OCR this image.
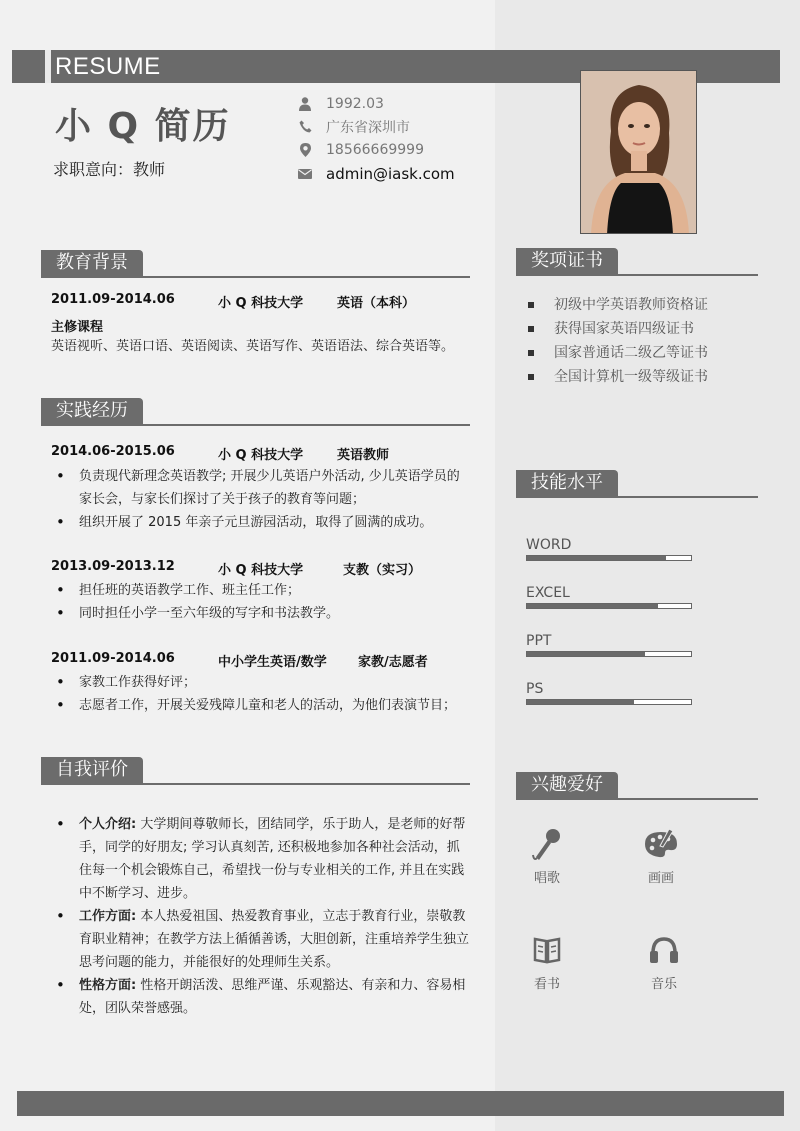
RESUME
小 Q 简历
求职意向：教师
1992.03
广东省深圳市
18566669999
admin@iask.com
教育背景
2011.09-2014.06	小 Q 科技大学	英语（本科）
主修课程
英语视听、英语口语、英语阅读、英语写作、英语语法、综合英语等。
实践经历
2014.06-2015.06	小 Q 科技大学	英语教师
• 负责现代新理念英语教学; 开展少儿英语户外活动, 少儿英语学员的家长会，与家长们探讨了关于孩子的教育等问题；
• 组织开展了 2015 年亲子元旦游园活动，取得了圆满的成功。
2013.09-2013.12	小 Q 科技大学	支教（实习）
• 担任班的英语教学工作、班主任工作；
• 同时担任小学一至六年级的写字和书法教学。
2011.09-2014.06	中小学生英语/数学	家教/志愿者
• 家教工作获得好评；
• 志愿者工作，开展关爱残障儿童和老人的活动，为他们表演节目；
自我评价
• 个人介绍: 大学期间尊敬师长，团结同学，乐于助人，是老师的好帮手，同学的好朋友; 学习认真刻苦, 还积极地参加各种社会活动，抓住每一个机会锻炼自己，希望找一份与专业相关的工作, 并且在实践中不断学习、进步。
• 工作方面: 本人热爱祖国、热爱教育事业，立志于教育行业，崇敬教育职业精神；在教学方法上循循善诱，大胆创新，注重培养学生独立思考问题的能力，并能很好的处理师生关系。
• 性格方面: 性格开朗活泼、思维严谨、乐观豁达、有亲和力、容易相处，团队荣誉感强。
奖项证书
初级中学英语教师资格证
获得国家英语四级证书
国家普通话二级乙等证书
全国计算机一级等级证书
技能水平
WORD
EXCEL
PPT
PS
兴趣爱好
唱歌	画画
看书	音乐
